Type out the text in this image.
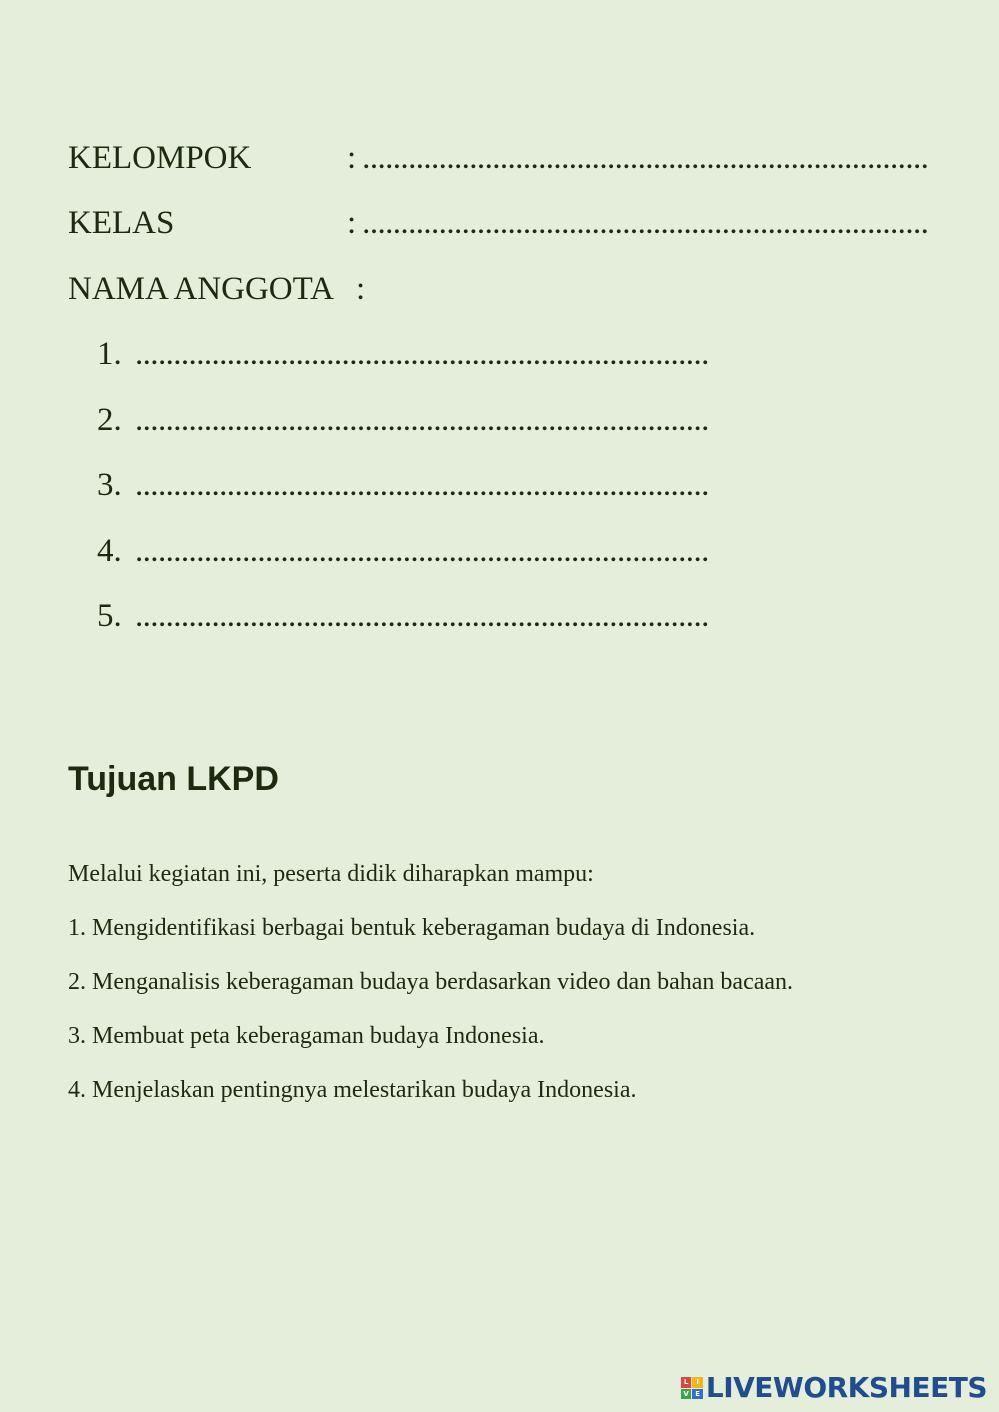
KELOMPOK	: ..........................................................................
KELAS	: ..........................................................................
NAMA ANGGOTA :
1. ...........................................................................
2. ...........................................................................
3. ...........................................................................
4. ...........................................................................
5. ...........................................................................
Tujuan LKPD
Melalui kegiatan ini, peserta didik diharapkan mampu:
1. Mengidentifikasi berbagai bentuk keberagaman budaya di Indonesia.
2. Menganalisis keberagaman budaya berdasarkan video dan bahan bacaan.
3. Membuat peta keberagaman budaya Indonesia.
4. Menjelaskan pentingnya melestarikan budaya Indonesia.
L	I
V E LIVEWORKSHEETS
